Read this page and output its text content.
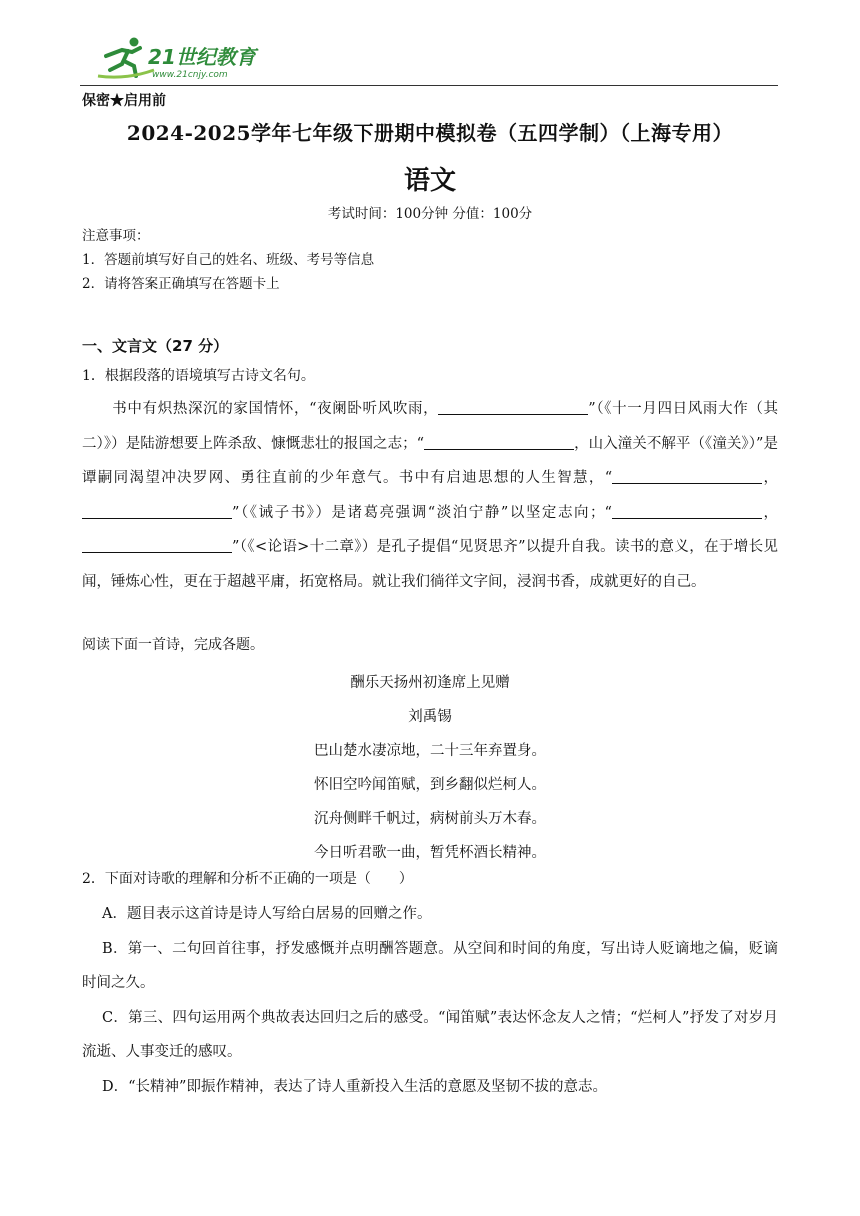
21世纪教育
www.21cnjy.com
保密★启用前
2024-2025学年七年级下册期中模拟卷（五四学制）（上海专用）
语文
考试时间：100分钟 分值：100分
注意事项：
1．答题前填写好自己的姓名、班级、考号等信息
2．请将答案正确填写在答题卡上
一、文言文（27 分）
1．根据段落的语境填写古诗文名句。
　　书中有炽热深沉的家国情怀，“夜阑卧听风吹雨，	”（《十一月四日风雨大作（其二）》）是陆游想要上阵杀敌、慷慨悲壮的报国之志；“	，山入潼关不解平（《潼关》）”是谭嗣同渴望冲决罗网、勇往直前的少年意气。书中有启迪思想的人生智慧，“	，”（《诫子书》）是诸葛亮强调“淡泊宁静”以坚定志向；“	，”（《<论语>十二章》）是孔子提倡“见贤思齐”以提升自我。读书的意义，在于增长见闻，锤炼心性，更在于超越平庸，拓宽格局。就让我们徜徉文字间，浸润书香，成就更好的自己。
阅读下面一首诗，完成各题。
酬乐天扬州初逢席上见赠
刘禹锡
巴山楚水凄凉地，二十三年弃置身。
怀旧空吟闻笛赋，到乡翻似烂柯人。
沉舟侧畔千帆过，病树前头万木春。
今日听君歌一曲，暂凭杯酒长精神。
2．下面对诗歌的理解和分析不正确的一项是（　　）
A．题目表示这首诗是诗人写给白居易的回赠之作。
B．第一、二句回首往事，抒发感慨并点明酬答题意。从空间和时间的角度，写出诗人贬谪地之偏，贬谪时间之久。
C．第三、四句运用两个典故表达回归之后的感受。“闻笛赋”表达怀念友人之情；“烂柯人”抒发了对岁月流逝、人事变迁的感叹。
D．“长精神”即振作精神，表达了诗人重新投入生活的意愿及坚韧不拔的意志。
